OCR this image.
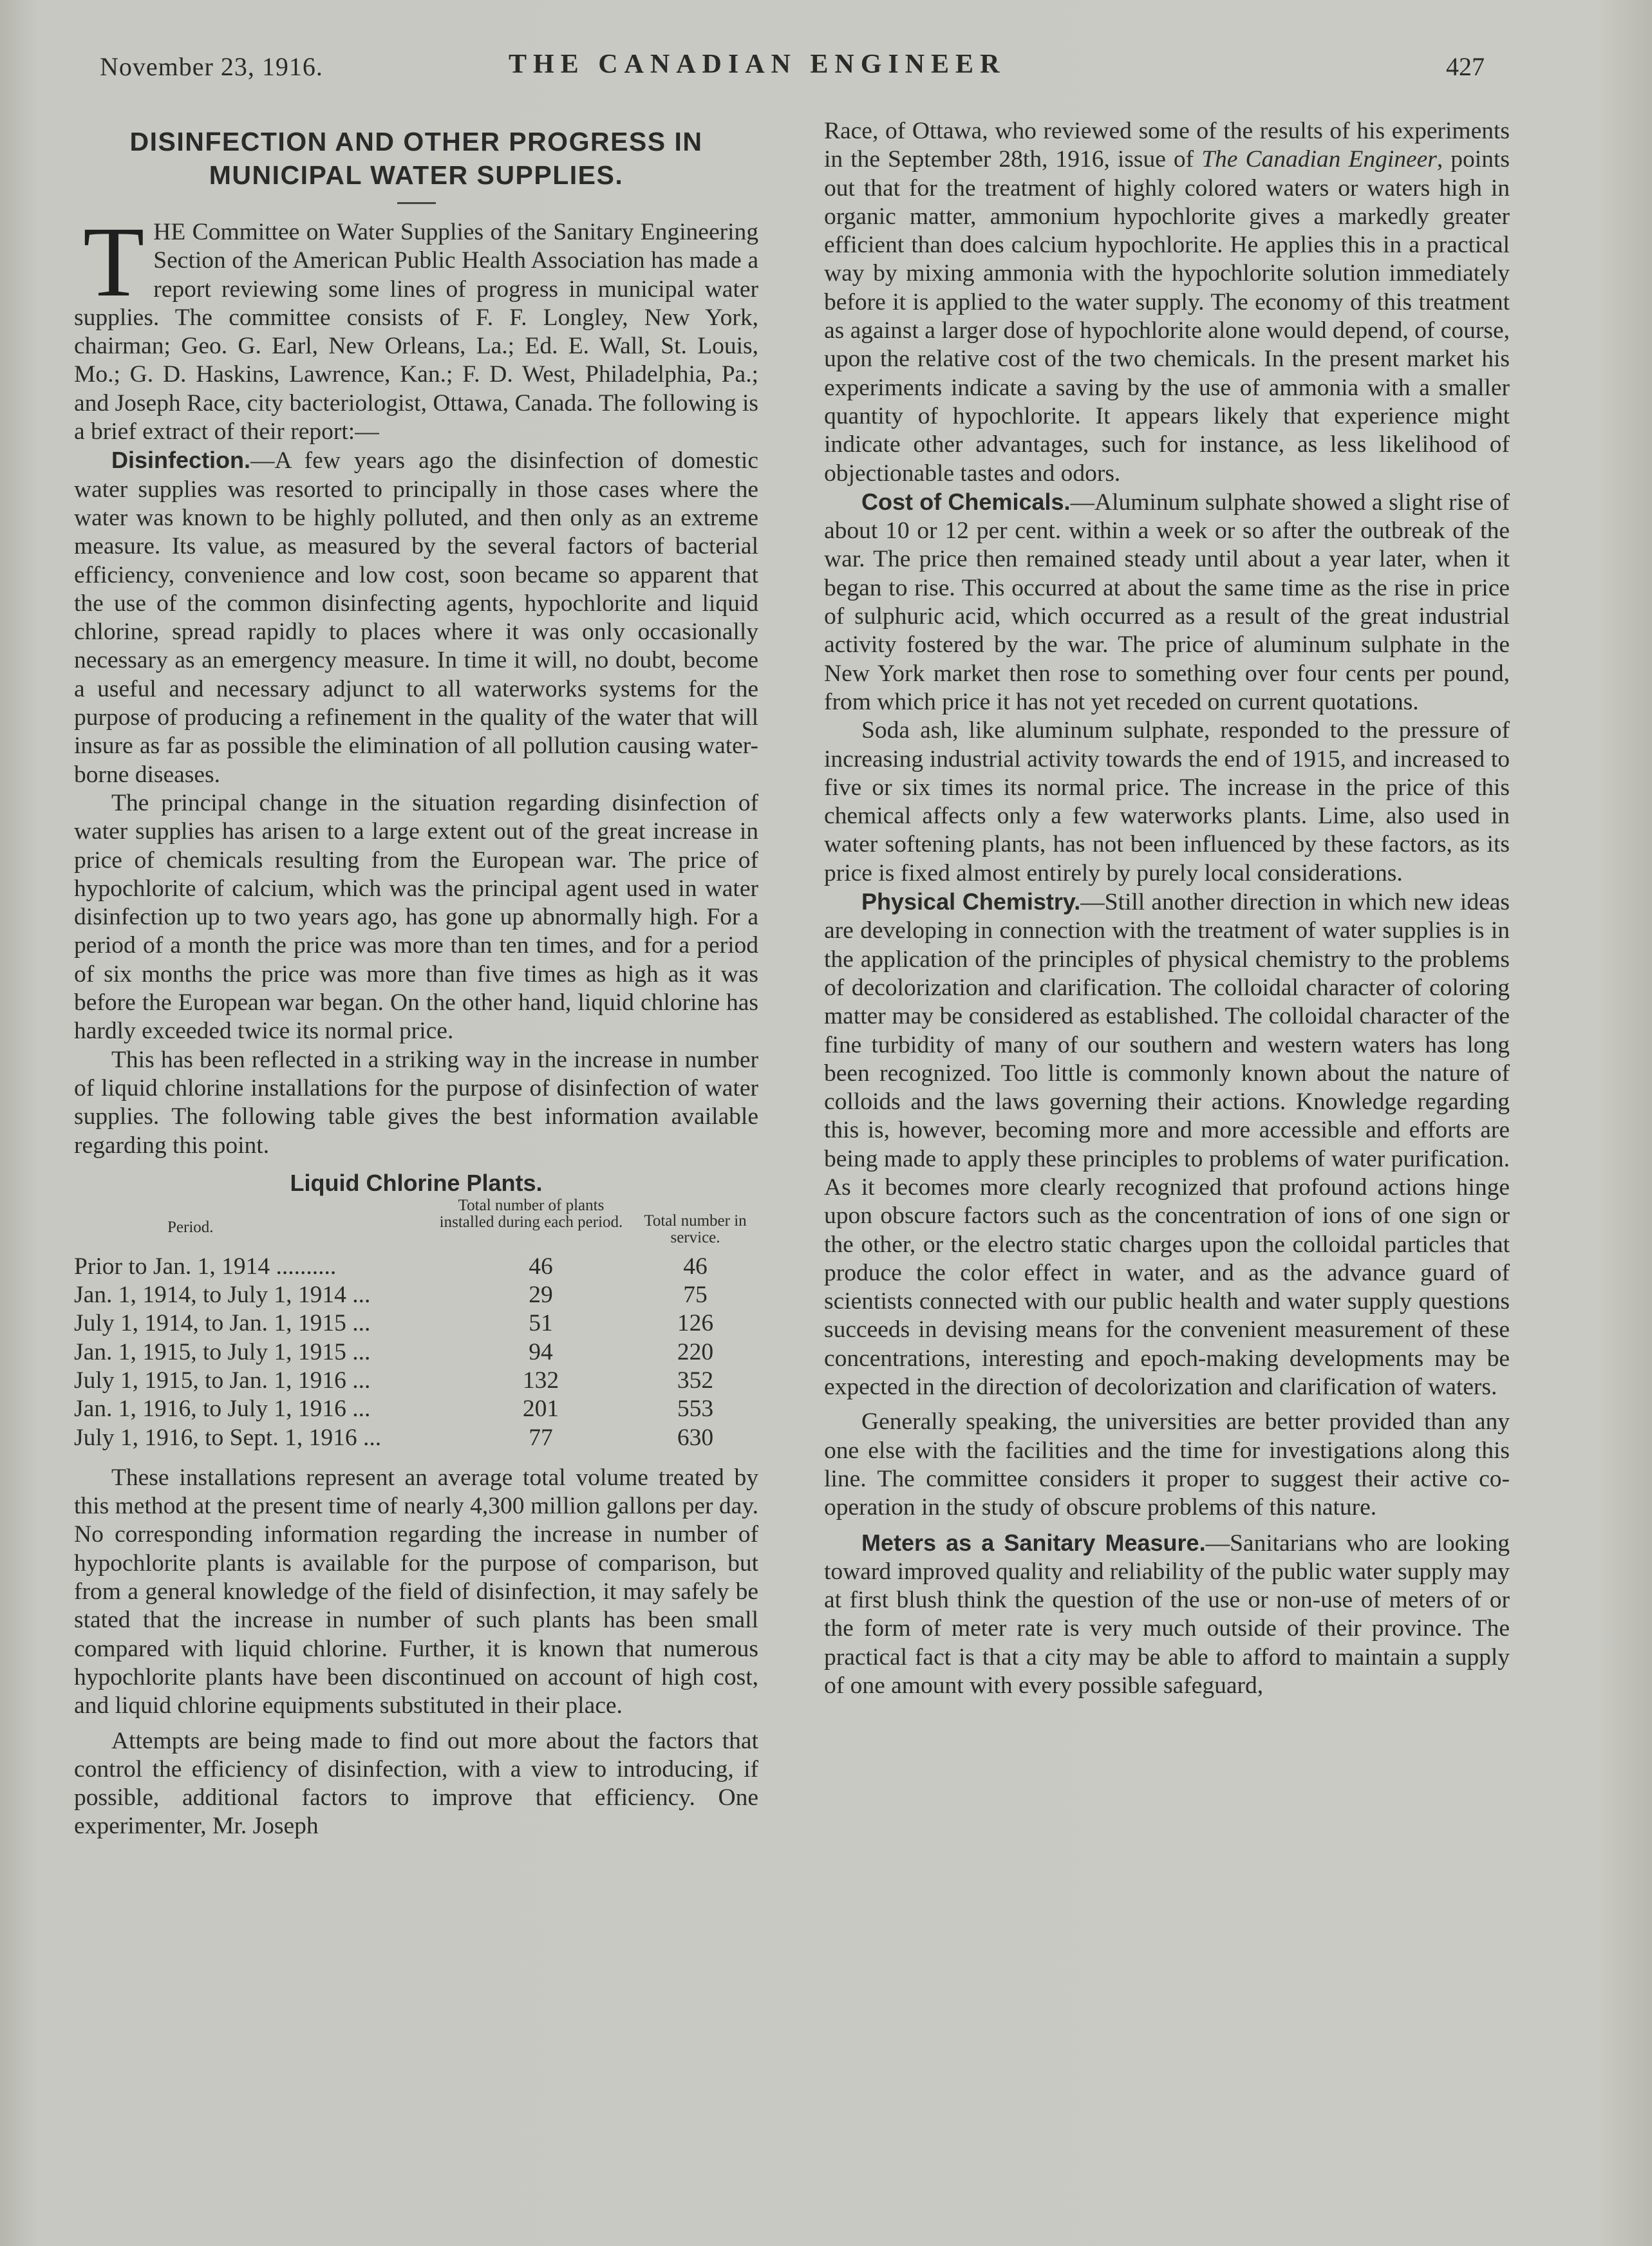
November 23, 1916.	THE CANADIAN ENGINEER	427
DISINFECTION AND OTHER PROGRESS IN
MUNICIPAL WATER SUPPLIES.

THE Committee on Water Supplies of the Sanitary Engineering Section of the American Public Health Association has made a report reviewing some lines of progress in municipal water supplies. The committee consists of F. F. Longley, New York, chairman; Geo. G. Earl, New Orleans, La.; Ed. E. Wall, St. Louis, Mo.; G. D. Haskins, Lawrence, Kan.; F. D. West, Philadelphia, Pa.; and Joseph Race, city bacteriologist, Ottawa, Canada. The following is a brief extract of their report:—

Disinfection.—A few years ago the disinfection of domestic water supplies was resorted to principally in those cases where the water was known to be highly polluted, and then only as an extreme measure. Its value, as measured by the several factors of bacterial efficiency, convenience and low cost, soon became so apparent that the use of the common disinfecting agents, hypochlorite and liquid chlorine, spread rapidly to places where it was only occasionally necessary as an emergency measure. In time it will, no doubt, become a useful and necessary adjunct to all waterworks systems for the purpose of producing a refinement in the quality of the water that will insure as far as possible the elimination of all pollution causing water-borne diseases.

The principal change in the situation regarding disinfection of water supplies has arisen to a large extent out of the great increase in price of chemicals resulting from the European war. The price of hypochlorite of calcium, which was the principal agent used in water disinfection up to two years ago, has gone up abnormally high. For a period of a month the price was more than ten times, and for a period of six months the price was more than five times as high as it was before the European war began. On the other hand, liquid chlorine has hardly exceeded twice its normal price.

This has been reflected in a striking way in the increase in number of liquid chlorine installations for the purpose of disinfection of water supplies. The following table gives the best information available regarding this point.

Liquid Chlorine Plants.
Period.
Total number of plants installed during each period.	Total number in service.
Prior to Jan. 1, 1914 ..........	46	46
Jan. 1, 1914, to July 1, 1914 ...	29	75
July 1, 1914, to Jan. 1, 1915 ...	51	126
Jan. 1, 1915, to July 1, 1915 ...	94	220
July 1, 1915, to Jan. 1, 1916 ...	132	352
Jan. 1, 1916, to July 1, 1916 ...	201	553
July 1, 1916, to Sept. 1, 1916 ...	77	630

These installations represent an average total volume treated by this method at the present time of nearly 4,300 million gallons per day. No corresponding information regarding the increase in number of hypochlorite plants is available for the purpose of comparison, but from a general knowledge of the field of disinfection, it may safely be stated that the increase in number of such plants has been small compared with liquid chlorine. Further, it is known that numerous hypochlorite plants have been discontinued on account of high cost, and liquid chlorine equipments substituted in their place.

Attempts are being made to find out more about the factors that control the efficiency of disinfection, with a view to introducing, if possible, additional factors to improve that efficiency. One experimenter, Mr. Joseph

Race, of Ottawa, who reviewed some of the results of his experiments in the September 28th, 1916, issue of The Canadian Engineer, points out that for the treatment of highly colored waters or waters high in organic matter, ammonium hypochlorite gives a markedly greater efficient than does calcium hypochlorite. He applies this in a practical way by mixing ammonia with the hypochlorite solution immediately before it is applied to the water supply. The economy of this treatment as against a larger dose of hypochlorite alone would depend, of course, upon the relative cost of the two chemicals. In the present market his experiments indicate a saving by the use of ammonia with a smaller quantity of hypochlorite. It appears likely that experience might indicate other advantages, such for instance, as less likelihood of objectionable tastes and odors.

Cost of Chemicals.—Aluminum sulphate showed a slight rise of about 10 or 12 per cent. within a week or so after the outbreak of the war. The price then remained steady until about a year later, when it began to rise. This occurred at about the same time as the rise in price of sulphuric acid, which occurred as a result of the great industrial activity fostered by the war. The price of aluminum sulphate in the New York market then rose to something over four cents per pound, from which price it has not yet receded on current quotations.

Soda ash, like aluminum sulphate, responded to the pressure of increasing industrial activity towards the end of 1915, and increased to five or six times its normal price. The increase in the price of this chemical affects only a few waterworks plants. Lime, also used in water softening plants, has not been influenced by these factors, as its price is fixed almost entirely by purely local considerations.

Physical Chemistry.—Still another direction in which new ideas are developing in connection with the treatment of water supplies is in the application of the principles of physical chemistry to the problems of decolorization and clarification. The colloidal character of coloring matter may be considered as established. The colloidal character of the fine turbidity of many of our southern and western waters has long been recognized. Too little is commonly known about the nature of colloids and the laws governing their actions. Knowledge regarding this is, however, becoming more and more accessible and efforts are being made to apply these principles to problems of water purification. As it becomes more clearly recognized that profound actions hinge upon obscure factors such as the concentration of ions of one sign or the other, or the electro static charges upon the colloidal particles that produce the color effect in water, and as the advance guard of scientists connected with our public health and water supply questions succeeds in devising means for the convenient measurement of these concentrations, interesting and epoch-making developments may be expected in the direction of decolorization and clarification of waters.

Generally speaking, the universities are better provided than any one else with the facilities and the time for investigations along this line. The committee considers it proper to suggest their active co-operation in the study of obscure problems of this nature.

Meters as a Sanitary Measure.—Sanitarians who are looking toward improved quality and reliability of the public water supply may at first blush think the question of the use or non-use of meters of or the form of meter rate is very much outside of their province. The practical fact is that a city may be able to afford to maintain a supply of one amount with every possible safeguard,
